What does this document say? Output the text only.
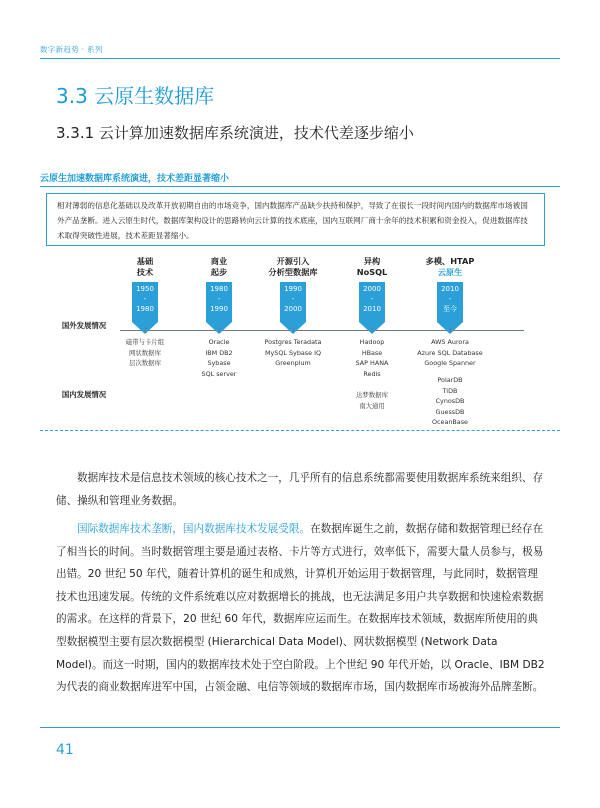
数字新趋势 · 系列
3.3 云原生数据库
3.3.1 云计算加速数据库系统演进，技术代差逐步缩小
云原生加速数据库系统演进，技术差距显著缩小
相对薄弱的信息化基础以及改革开放初期自由的市场竞争，国内数据库产品缺少扶持和保护，导致了在很长一段时间内国内的数据库市场被国外产品垄断。进入云原生时代，数据库架构设计的思路转向云计算的技术底座，国内互联网厂商十余年的技术积累和资金投入，促进数据库技术取得突破性进展，技术差距显著缩小。
国外发展情况
国内发展情况
基础
技术
1950
-
1980
磁带与卡片组
网状数据库
层次数据库
商业
起步
1980
-
1990
Oracle
IBM DB2
Sybase
SQL server
开源引入
分析型数据库
1990
-
2000
Postgres Teradata
MySQL Sybase IQ
Greenplum
异构
NoSQL
2000
-
2010
Hadoop
HBase
SAP HANA
Redis
达梦数据库
南大通用
多模、HTAP
云原生
2010
-
至今
AWS Aurora
Azure SQL Database
Google Spanner
PolarDB
TiDB
CynosDB
GuessDB
OceanBase
数据库技术是信息技术领域的核心技术之一，几乎所有的信息系统都需要使用数据库系统来组织、存储、操纵和管理业务数据。
国际数据库技术垄断，国内数据库技术发展受限。在数据库诞生之前，数据存储和数据管理已经存在了相当长的时间。当时数据管理主要是通过表格、卡片等方式进行，效率低下，需要大量人员参与，极易出错。20 世纪 50 年代，随着计算机的诞生和成熟，计算机开始运用于数据管理，与此同时，数据管理技术也迅速发展。传统的文件系统难以应对数据增长的挑战，也无法满足多用户共享数据和快速检索数据的需求。在这样的背景下，20 世纪 60 年代，数据库应运而生。在数据库技术领域，数据库所使用的典型数据模型主要有层次数据模型 (Hierarchical Data Model)、网状数据模型 (Network Data Model)。而这一时期，国内的数据库技术处于空白阶段。上个世纪 90 年代开始，以 Oracle、IBM DB2 为代表的商业数据库进军中国，占领金融、电信等领域的数据库市场，国内数据库市场被海外品牌垄断。
41
